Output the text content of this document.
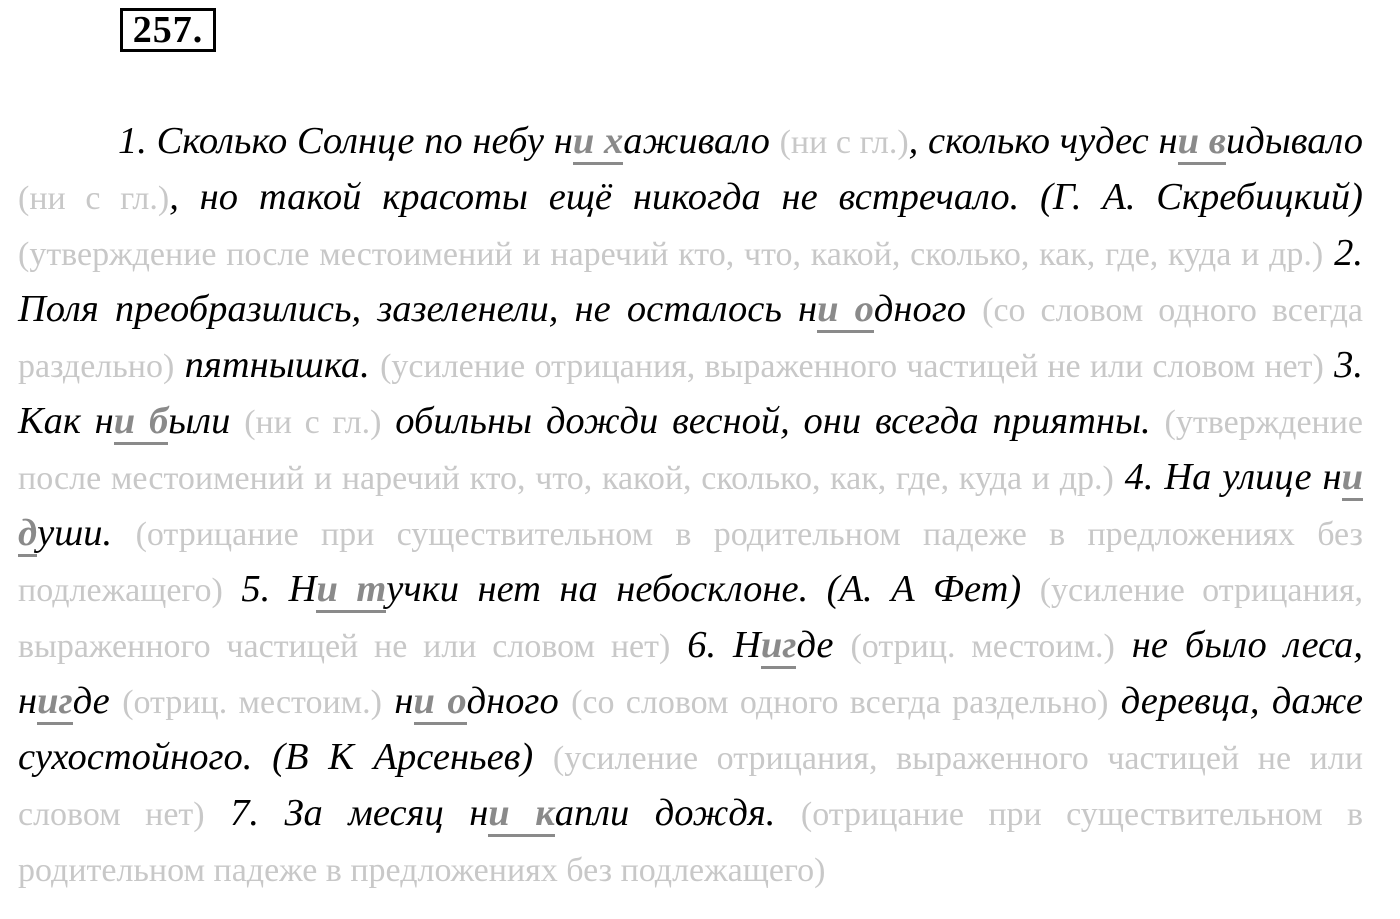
257.
1. Сколько Солнце по небу ни хаживало (ни с гл.), сколько чудес ни видывало (ни с гл.), но такой красоты ещё никогда не встречало. (Г. А. Скребицкий) (утверждение после местоимений и наречий кто, что, какой, сколько, как, где, куда и др.) 2. Поля преобразились, зазеленели, не осталось ни одного (со словом одного всегда раздельно) пятнышка. (усиление отрицания, выраженного частицей не или словом нет) 3. Как ни были (ни с гл.) обильны дожди весной, они всегда приятны. (утверждение после местоимений и наречий кто, что, какой, сколько, как, где, куда и др.) 4. На улице ни души. (отрицание при существительном в родительном падеже в предложениях без подлежащего) 5. Ни тучки нет на небосклоне. (А. А Фет) (усиление отрицания, выраженного частицей не или словом нет) 6. Нигде (отриц. местоим.) не было леса, нигде (отриц. местоим.) ни одного (со словом одного всегда раздельно) деревца, даже сухостойного. (В К Арсеньев) (усиление отрицания, выраженного частицей не или словом нет) 7. За месяц ни капли дождя. (отрицание при существительном в родительном падеже в предложениях без подлежащего)
